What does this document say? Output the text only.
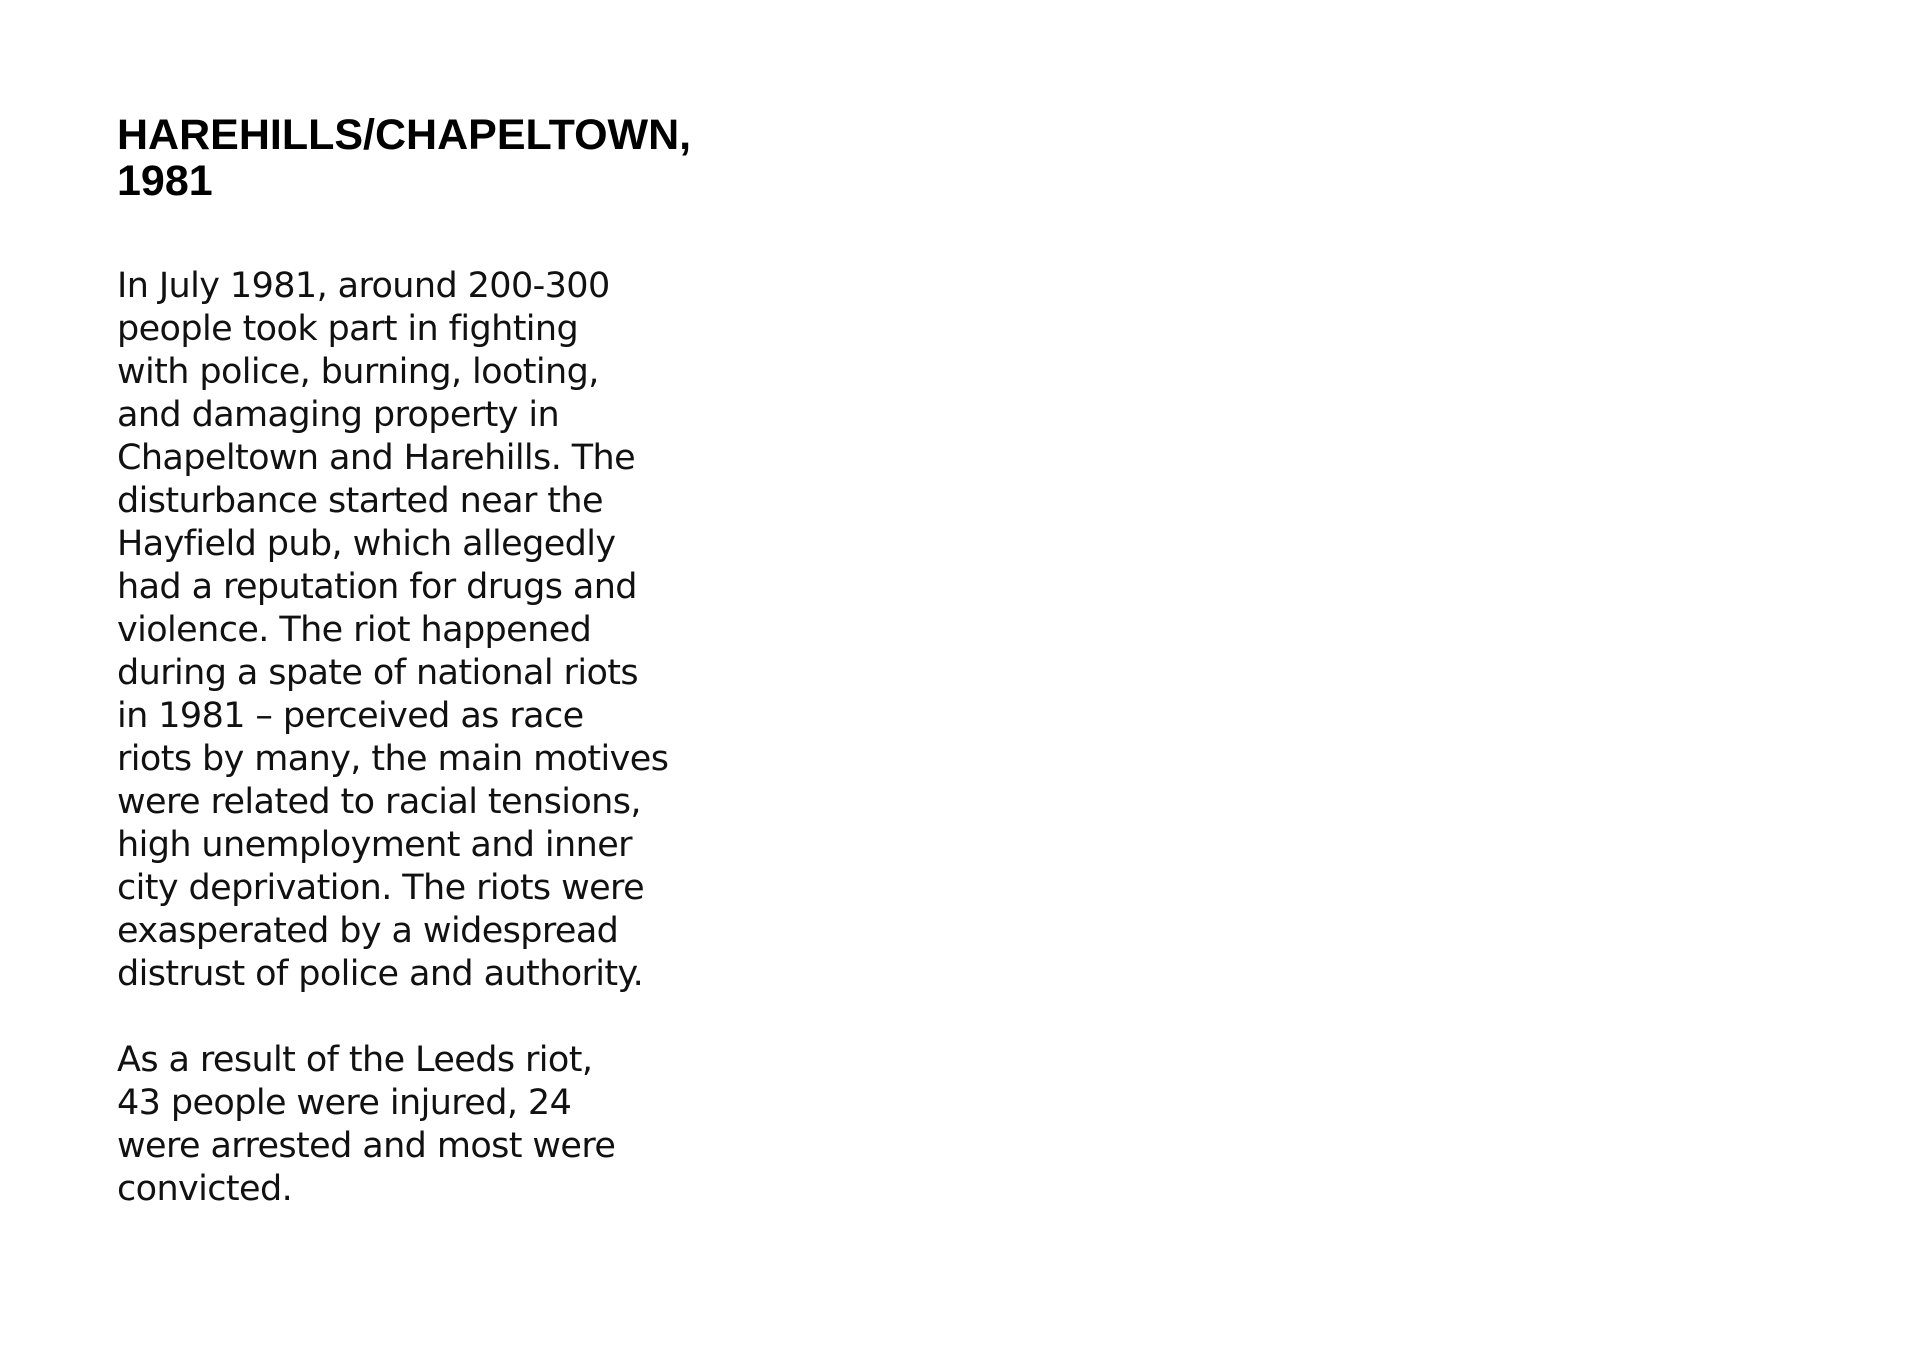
HAREHILLS/CHAPELTOWN,
1981

In July 1981, around 200-300
people took part in fighting
with police, burning, looting,
and damaging property in
Chapeltown and Harehills. The
disturbance started near the
Hayfield pub, which allegedly
had a reputation for drugs and
violence. The riot happened
during a spate of national riots
in 1981 – perceived as race
riots by many, the main motives
were related to racial tensions,
high unemployment and inner
city deprivation. The riots were
exasperated by a widespread
distrust of police and authority.

As a result of the Leeds riot,
43 people were injured, 24
were arrested and most were
convicted.
